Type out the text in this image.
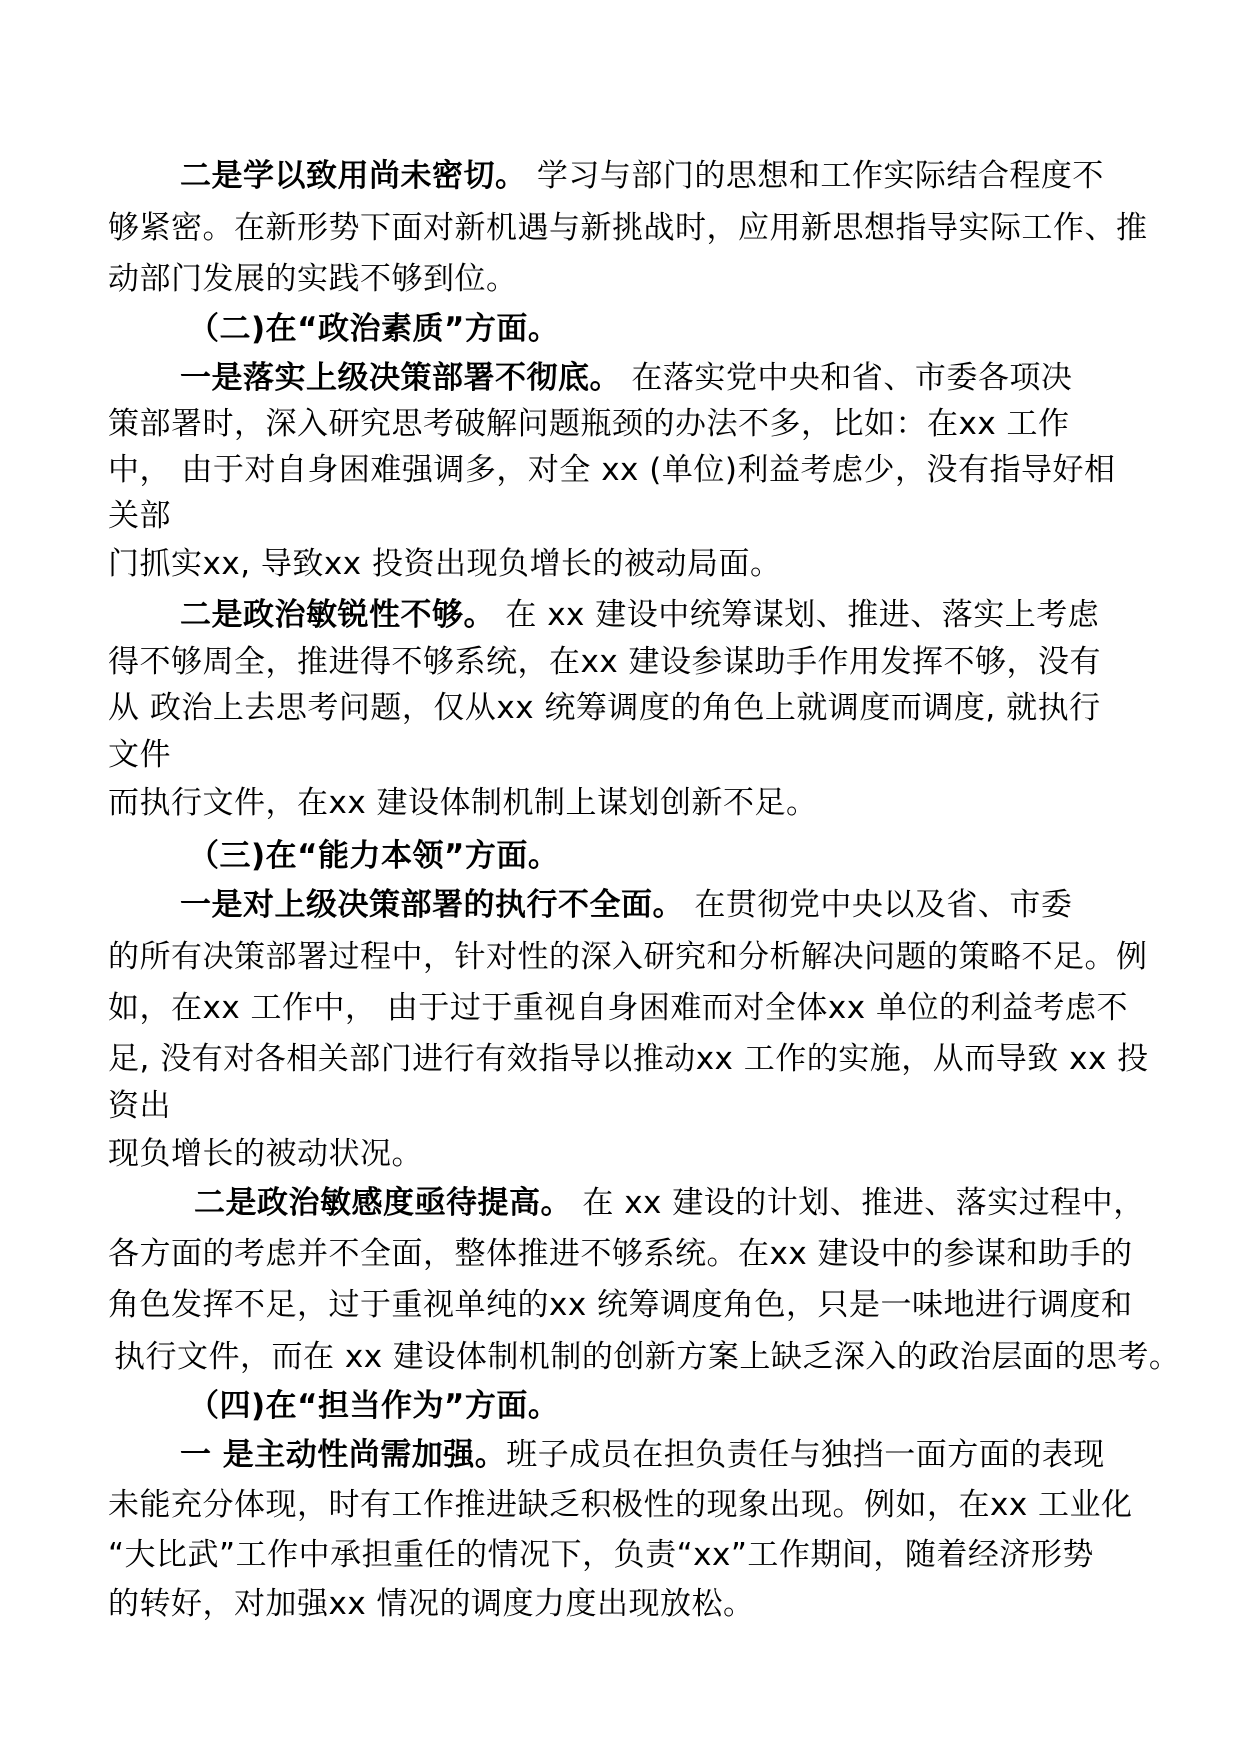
二是学以致用尚未密切。 学习与部门的思想和工作实际结合程度不
够紧密。在新形势下面对新机遇与新挑战时，应用新思想指导实际工作、推
动部门发展的实践不够到位。
（二)在“政治素质”方面。
一是落实上级决策部署不彻底。 在落实党中央和省、市委各项决
策部署时，深入研究思考破解问题瓶颈的办法不多，比如：在xx 工作
中， 由于对自身困难强调多，对全 xx (单位)利益考虑少，没有指导好相
关部
门抓实xx, 导致xx 投资出现负增长的被动局面。
二是政治敏锐性不够。 在 xx 建设中统筹谋划、推进、落实上考虑
得不够周全，推进得不够系统，在xx 建设参谋助手作用发挥不够，没有
从 政治上去思考问题，仅从xx 统筹调度的角色上就调度而调度, 就执行
文件
而执行文件，在xx 建设体制机制上谋划创新不足。
（三)在“能力本领”方面。
一是对上级决策部署的执行不全面。 在贯彻党中央以及省、市委
的所有决策部署过程中，针对性的深入研究和分析解决问题的策略不足。例
如，在xx 工作中， 由于过于重视自身困难而对全体xx 单位的利益考虑不
足, 没有对各相关部门进行有效指导以推动xx 工作的实施，从而导致 xx 投
资出
现负增长的被动状况。
二是政治敏感度亟待提高。 在 xx 建设的计划、推进、落实过程中，
各方面的考虑并不全面，整体推进不够系统。在xx 建设中的参谋和助手的
角色发挥不足，过于重视单纯的xx 统筹调度角色，只是一味地进行调度和
执行文件，而在 xx 建设体制机制的创新方案上缺乏深入的政治层面的思考。
（四)在“担当作为”方面。
一 是主动性尚需加强。班子成员在担负责任与独挡一面方面的表现
未能充分体现，时有工作推进缺乏积极性的现象出现。例如，在xx 工业化
“大比武”工作中承担重任的情况下，负责“xx”工作期间，随着经济形势
的转好，对加强xx 情况的调度力度出现放松。
